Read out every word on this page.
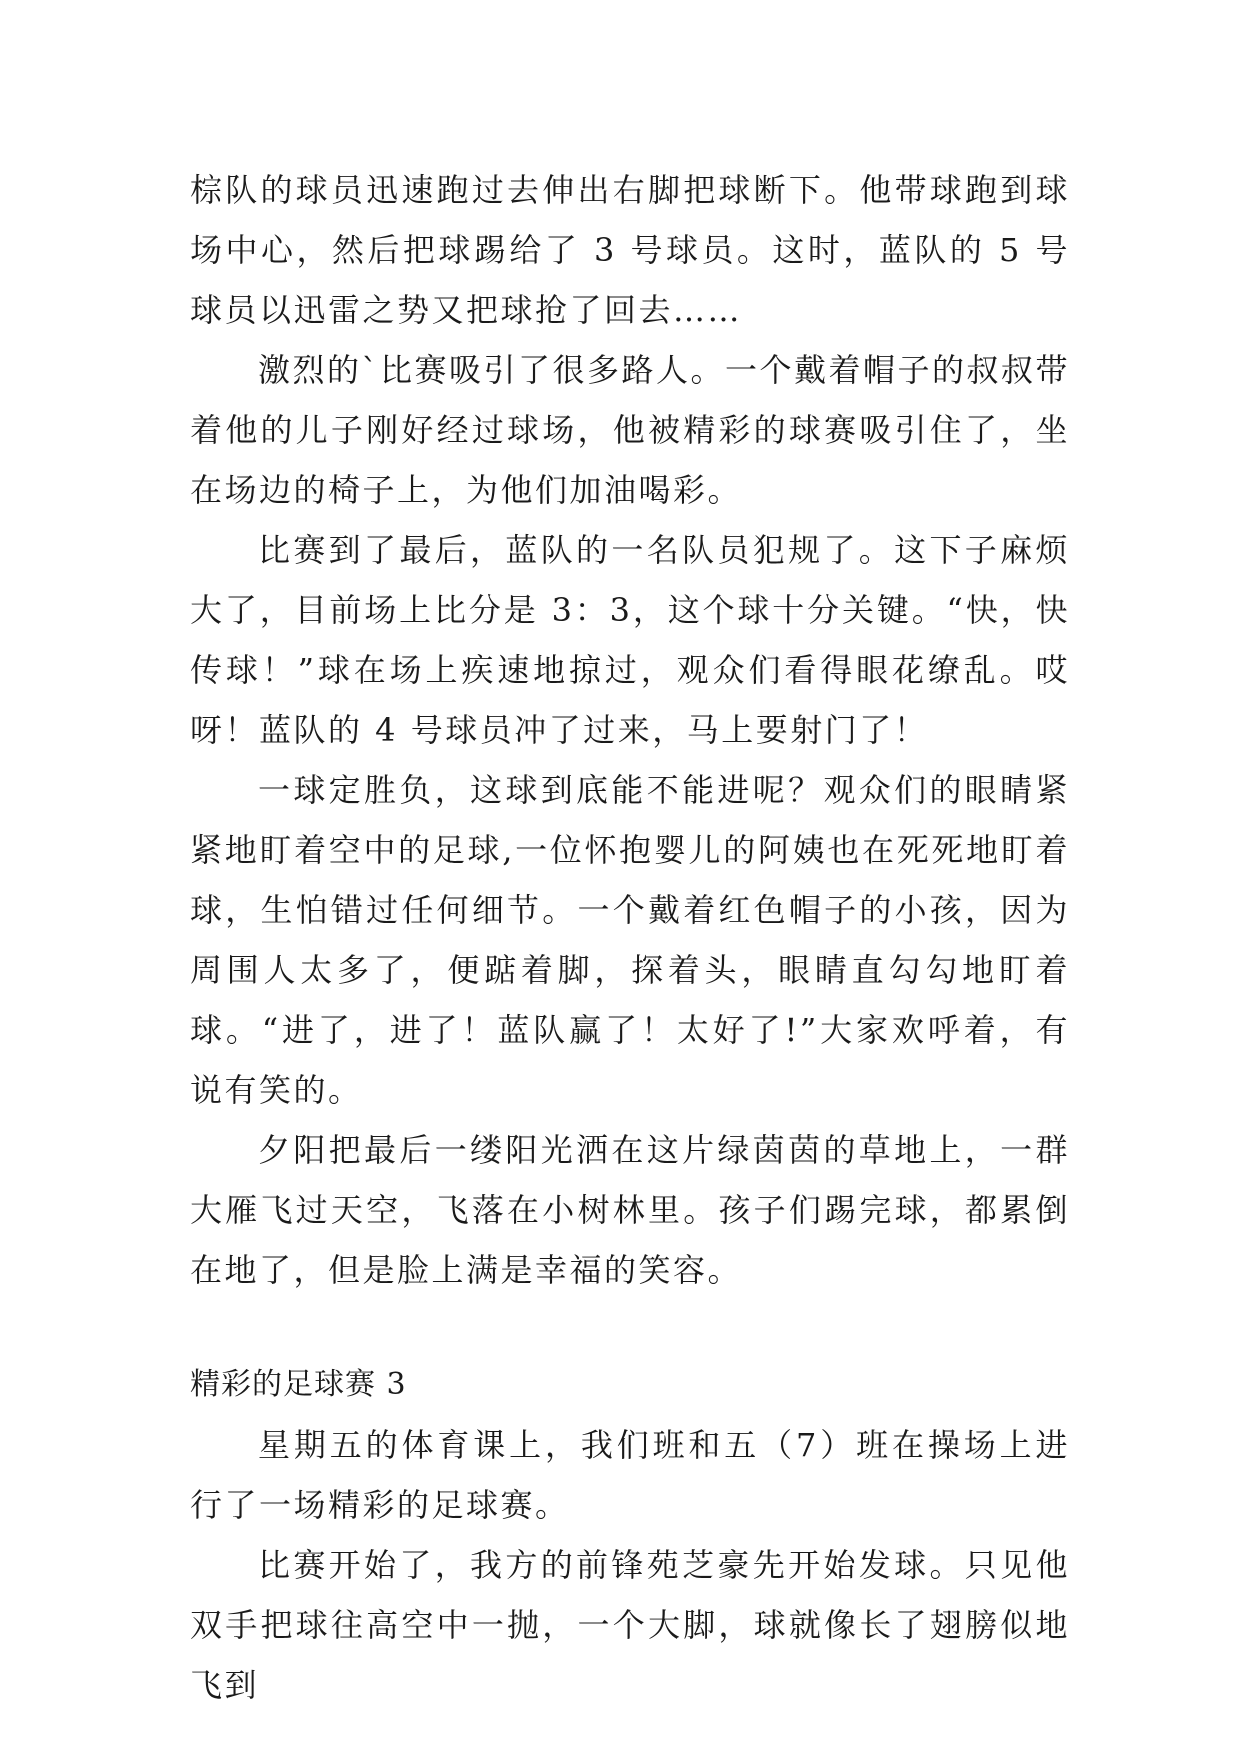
棕队的球员迅速跑过去伸出右脚把球断下。他带球跑到球场中心，然后把球踢给了 3 号球员。这时，蓝队的 5 号球员以迅雷之势又把球抢了回去……

激烈的`比赛吸引了很多路人。一个戴着帽子的叔叔带着他的儿子刚好经过球场，他被精彩的球赛吸引住了，坐在场边的椅子上，为他们加油喝彩。

比赛到了最后，蓝队的一名队员犯规了。这下子麻烦大了，目前场上比分是 3：3，这个球十分关键。“快，快传球！”球在场上疾速地掠过，观众们看得眼花缭乱。哎呀！蓝队的 4 号球员冲了过来，马上要射门了！

一球定胜负，这球到底能不能进呢？观众们的眼睛紧紧地盯着空中的足球,一位怀抱婴儿的阿姨也在死死地盯着球，生怕错过任何细节。一个戴着红色帽子的小孩，因为周围人太多了，便踮着脚，探着头，眼睛直勾勾地盯着球。“进了，进了！蓝队赢了！太好了!”大家欢呼着，有说有笑的。

夕阳把最后一缕阳光洒在这片绿茵茵的草地上，一群大雁飞过天空，飞落在小树林里。孩子们踢完球，都累倒在地了，但是脸上满是幸福的笑容。

精彩的足球赛 3

星期五的体育课上，我们班和五（7）班在操场上进行了一场精彩的足球赛。

比赛开始了，我方的前锋苑芝豪先开始发球。只见他双手把球往高空中一抛，一个大脚，球就像长了翅膀似地飞到
